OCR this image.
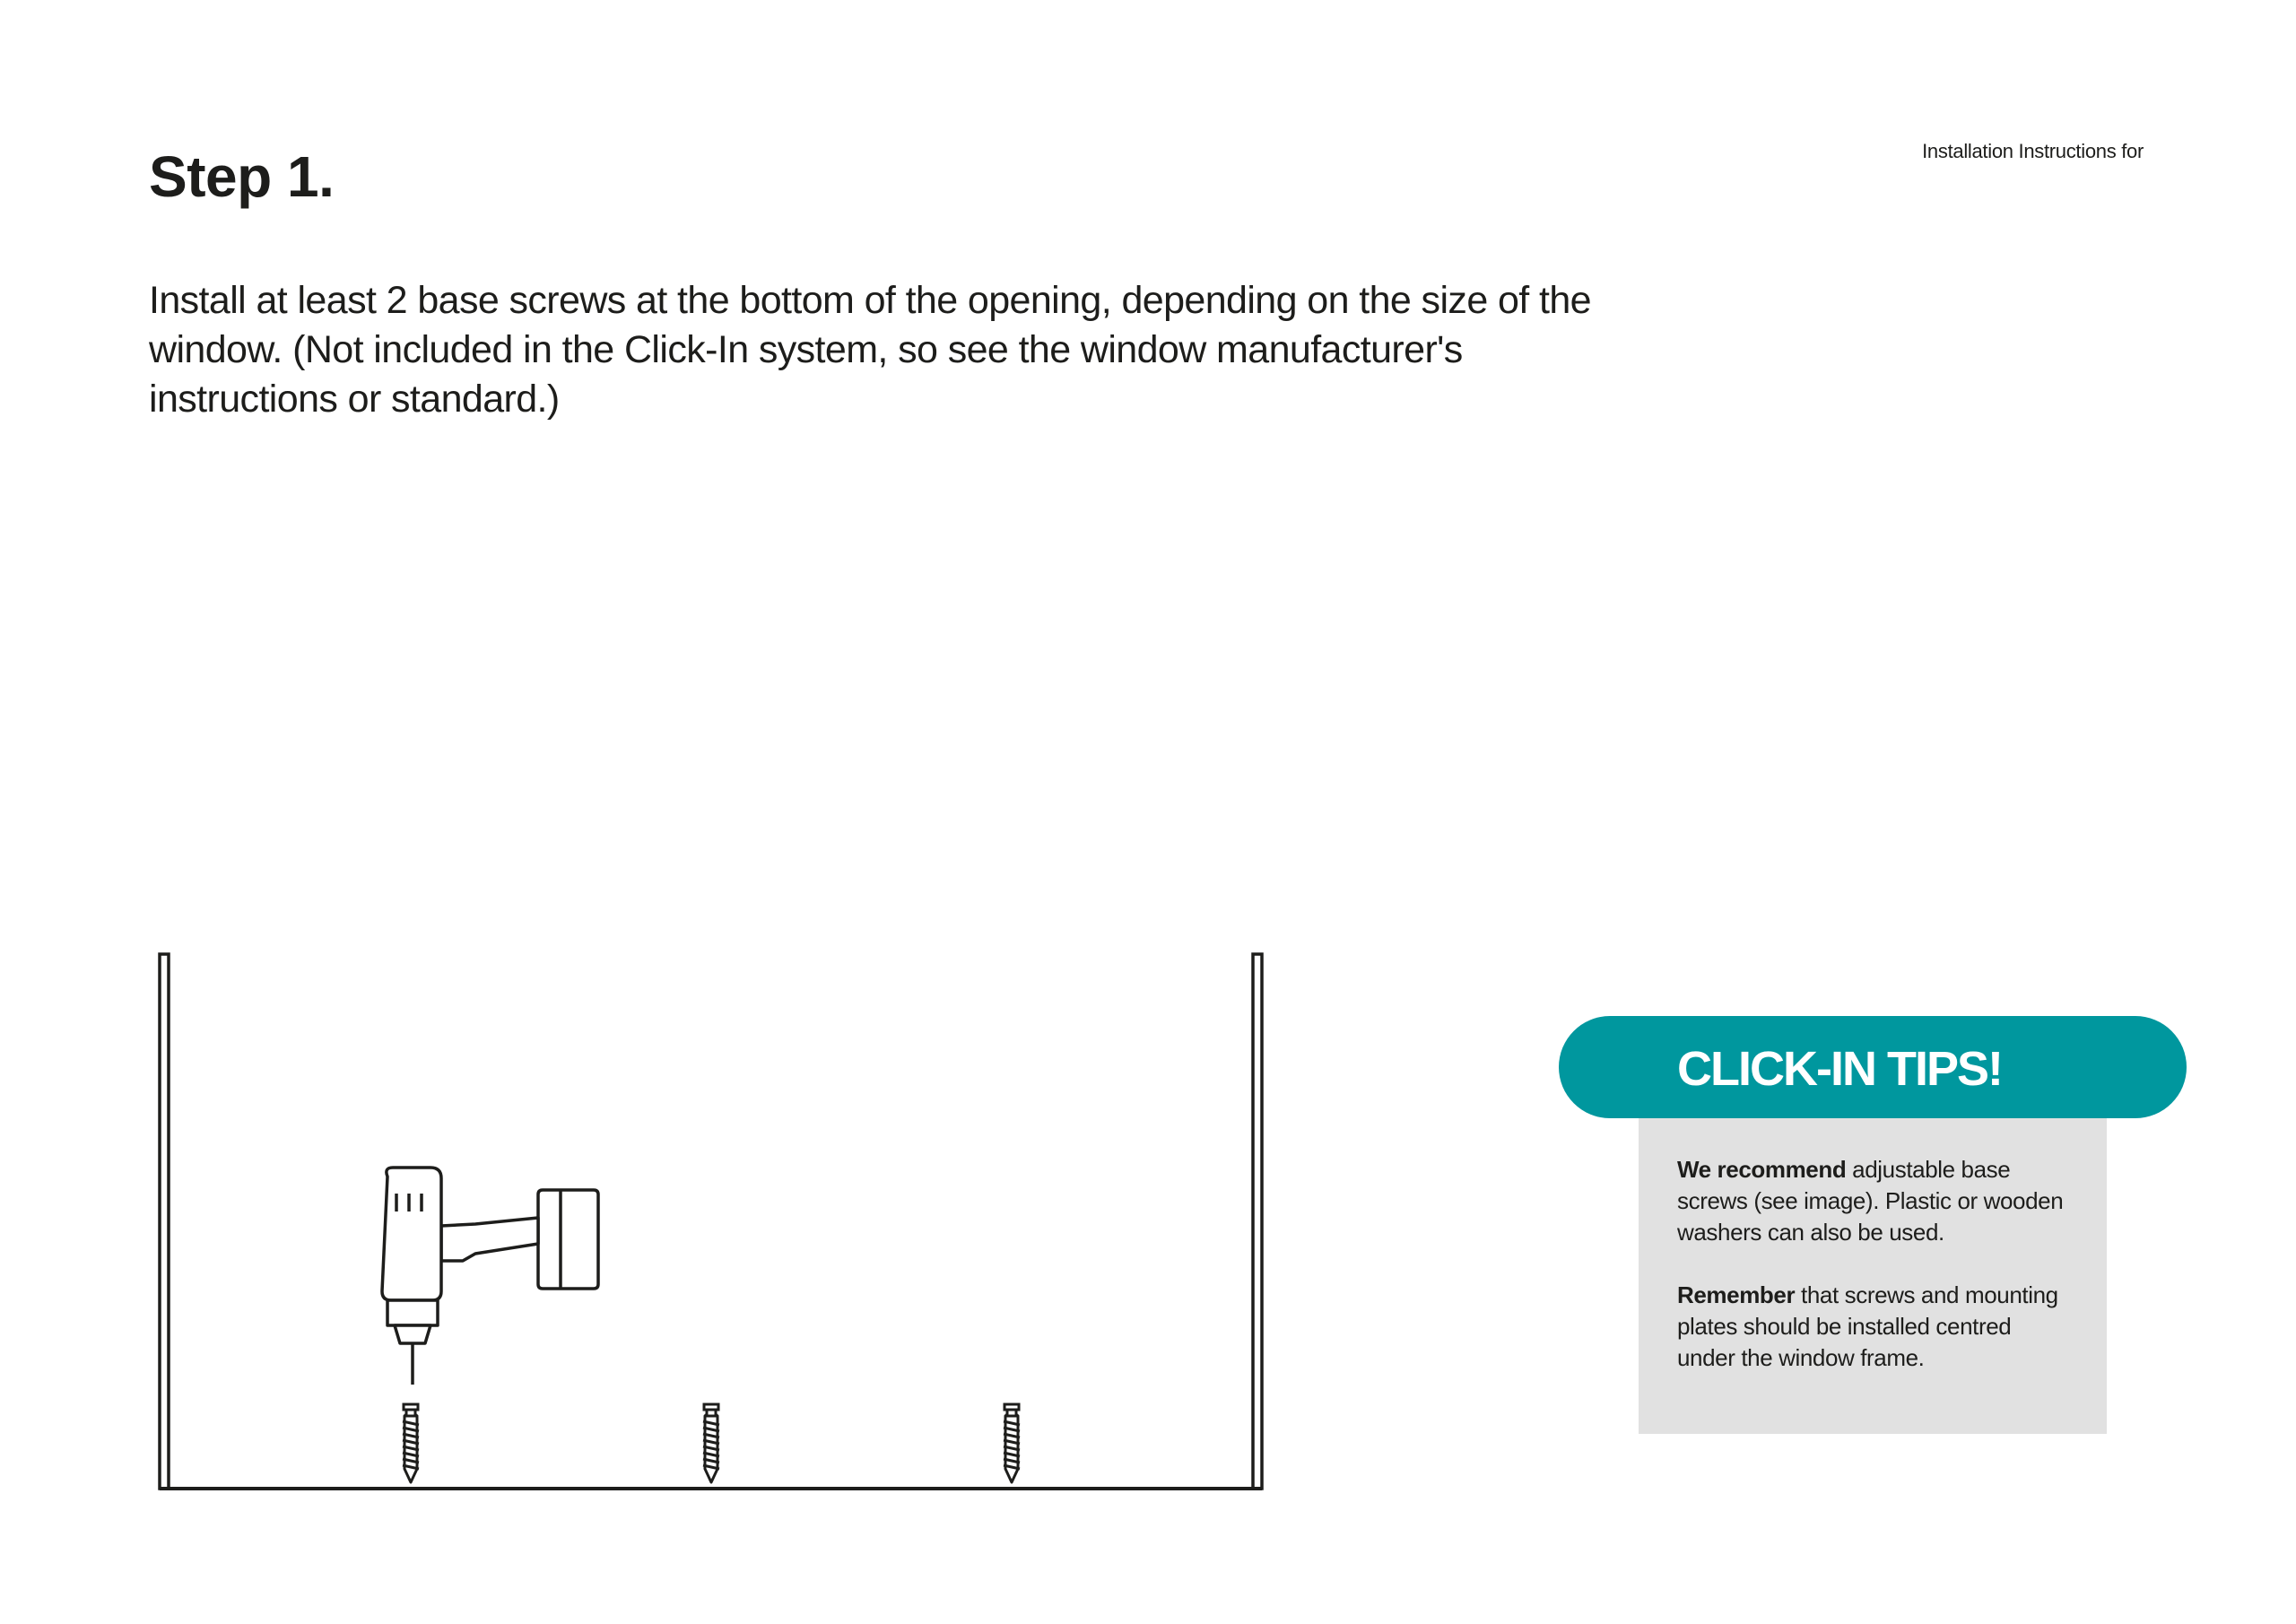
Installation Instructions for
Step 1.

Install at least 2 base screws at the bottom of the opening, depending on the size of the window. (Not included in the Click-In system, so see the window manufacturer's instructions or standard.)

CLICK-IN TIPS!

We recommend adjustable base screws (see image). Plastic or wooden washers can also be used.

Remember that screws and mounting plates should be installed centred under the window frame.
